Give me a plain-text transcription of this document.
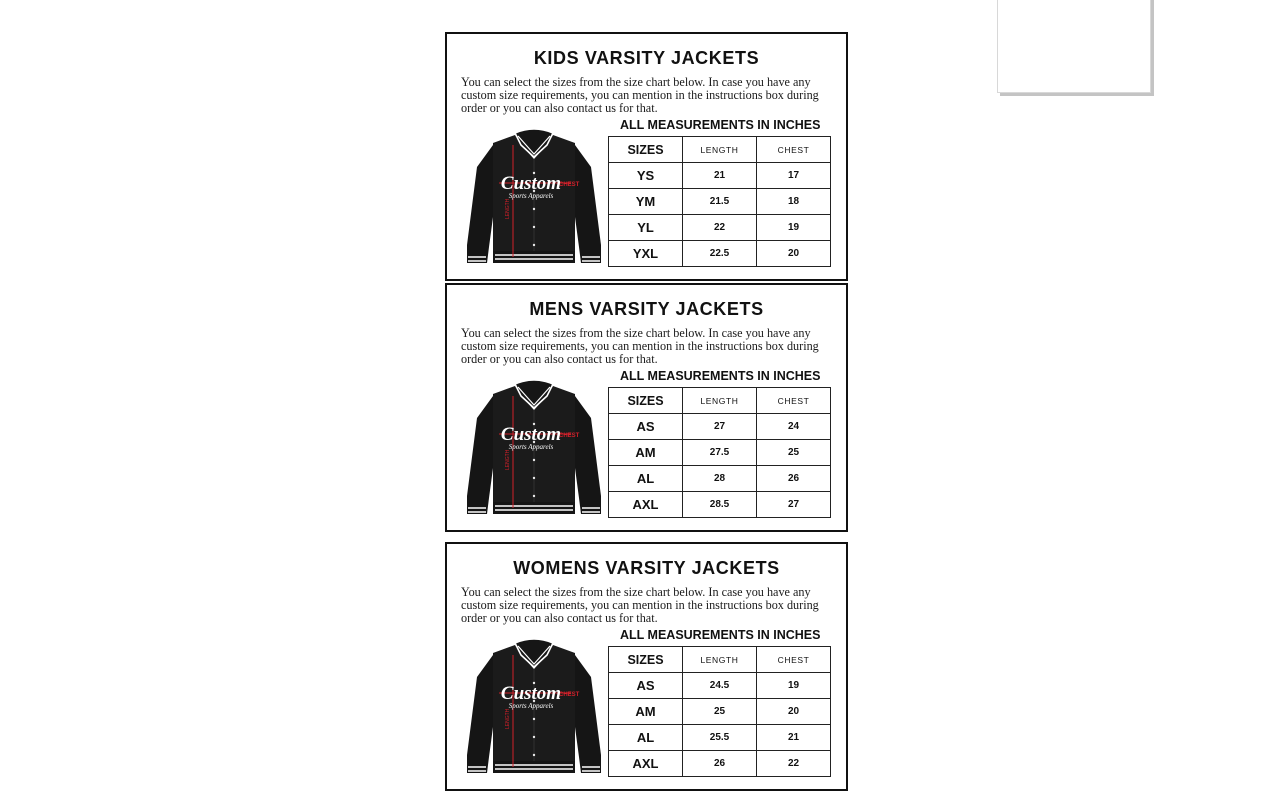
KIDS VARSITY JACKETS
You can select the sizes from the size chart below. In case you have any custom size requirements, you can mention in the instructions box during order or you can also contact us for that.
ALL MEASUREMENTS IN INCHES
LENGTH
CHEST
Custom
Sports Apparels
SIZES	LENGTH	CHEST
YS	21	17
YM	21.5	18
YL	22	19
YXL	22.5	20
MENS VARSITY JACKETS
You can select the sizes from the size chart below. In case you have any custom size requirements, you can mention in the instructions box during order or you can also contact us for that.
ALL MEASUREMENTS IN INCHES
LENGTH
CHEST
Custom
Sports Apparels
SIZES	LENGTH	CHEST
AS	27	24
AM	27.5	25
AL	28	26
AXL	28.5	27
WOMENS VARSITY JACKETS
You can select the sizes from the size chart below. In case you have any custom size requirements, you can mention in the instructions box during order or you can also contact us for that.
ALL MEASUREMENTS IN INCHES
LENGTH
CHEST
Custom
Sports Apparels
SIZES	LENGTH	CHEST
AS	24.5	19
AM	25	20
AL	25.5	21
AXL	26	22
